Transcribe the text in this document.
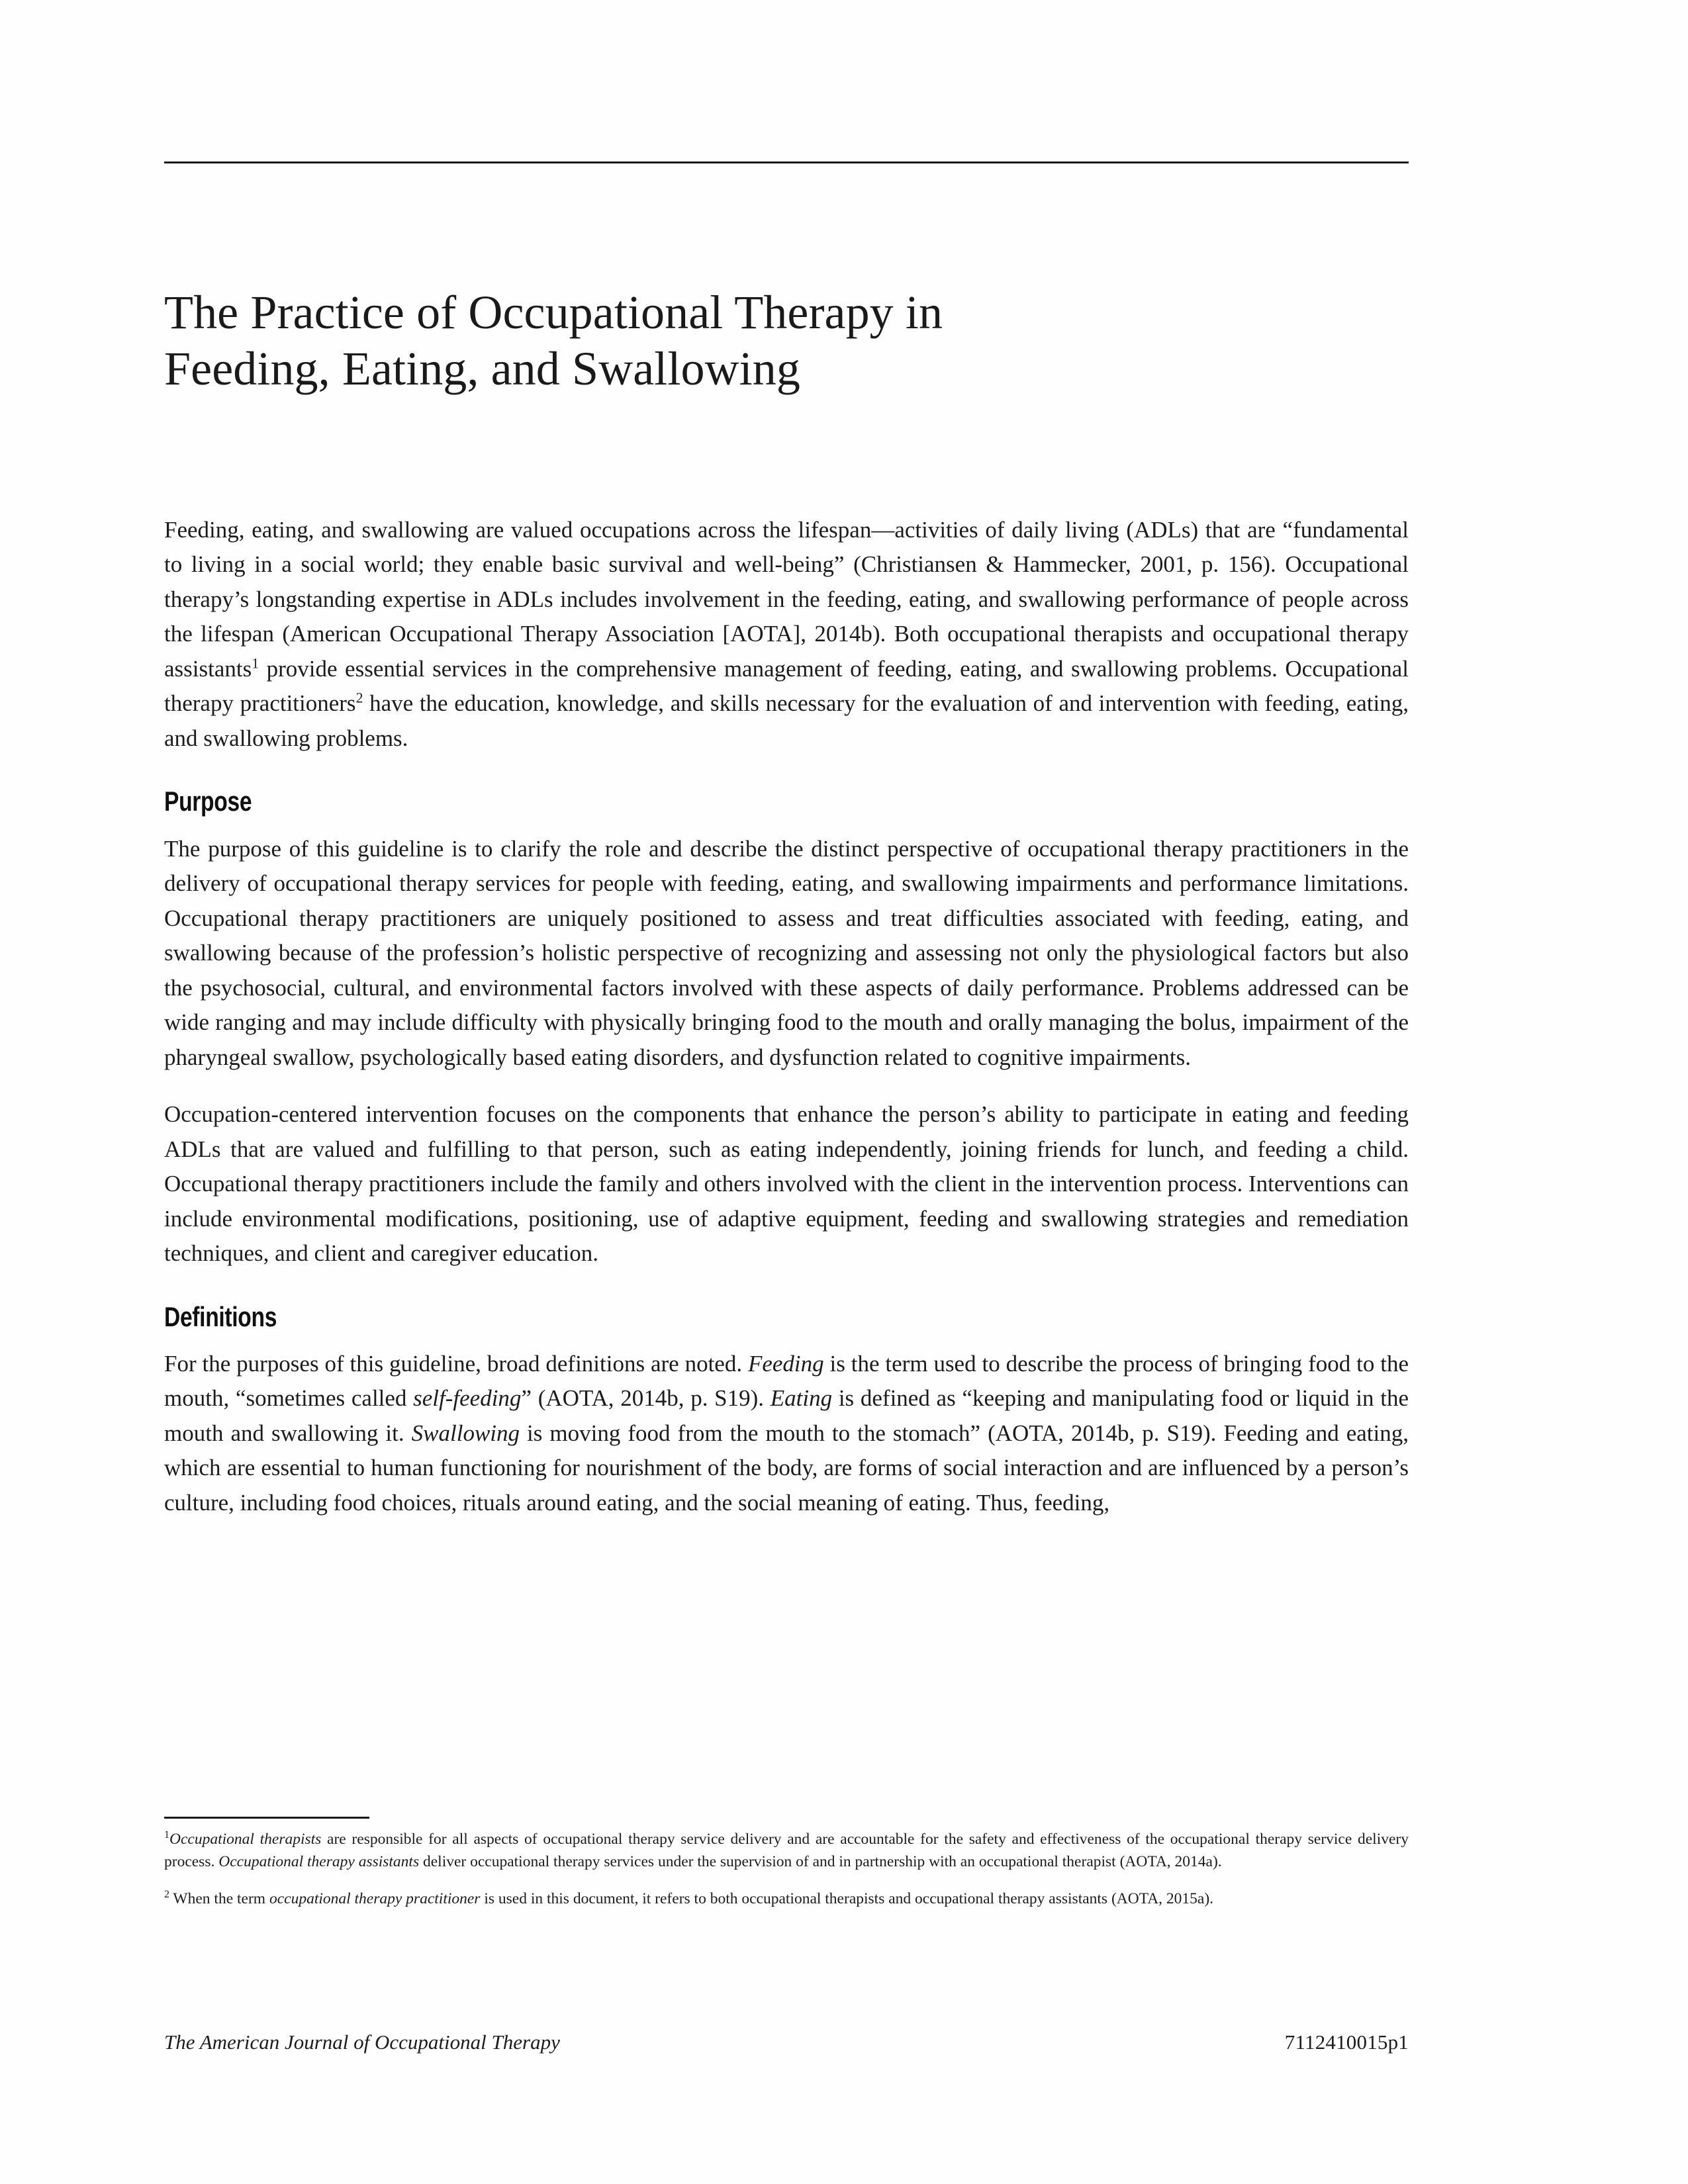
The Practice of Occupational Therapy in
Feeding, Eating, and Swallowing

Feeding, eating, and swallowing are valued occupations across the lifespan—activities of daily living (ADLs) that are “fundamental to living in a social world; they enable basic survival and well-being” (Christiansen & Hammecker, 2001, p. 156). Occupational therapy’s longstanding expertise in ADLs includes involvement in the feeding, eating, and swallowing performance of people across the lifespan (American Occupational Therapy Association [AOTA], 2014b). Both occupational therapists and occupational therapy assistants$^1$ provide essential services in the comprehensive management of feeding, eating, and swallowing problems. Occupational therapy practitioners$^2$ have the education, knowledge, and skills necessary for the evaluation of and intervention with feeding, eating, and swallowing problems.

Purpose

The purpose of this guideline is to clarify the role and describe the distinct perspective of occupational therapy practitioners in the delivery of occupational therapy services for people with feeding, eating, and swallowing impairments and performance limitations. Occupational therapy practitioners are uniquely positioned to assess and treat difficulties associated with feeding, eating, and swallowing because of the profession’s holistic perspective of recognizing and assessing not only the physiological factors but also the psychosocial, cultural, and environmental factors involved with these aspects of daily performance. Problems addressed can be wide ranging and may include difficulty with physically bringing food to the mouth and orally managing the bolus, impairment of the pharyngeal swallow, psychologically based eating disorders, and dysfunction related to cognitive impairments.

Occupation-centered intervention focuses on the components that enhance the person’s ability to participate in eating and feeding ADLs that are valued and fulfilling to that person, such as eating independently, joining friends for lunch, and feeding a child. Occupational therapy practitioners include the family and others involved with the client in the intervention process. Interventions can include environmental modifications, positioning, use of adaptive equipment, feeding and swallowing strategies and remediation techniques, and client and caregiver education.

Definitions

For the purposes of this guideline, broad definitions are noted. Feeding is the term used to describe the process of bringing food to the mouth, “sometimes called self-feeding” (AOTA, 2014b, p. S19). Eating is defined as “keeping and manipulating food or liquid in the mouth and swallowing it. Swallowing is moving food from the mouth to the stomach” (AOTA, 2014b, p. S19). Feeding and eating, which are essential to human functioning for nourishment of the body, are forms of social interaction and are influenced by a person’s culture, including food choices, rituals around eating, and the social meaning of eating. Thus, feeding,

$^1$Occupational therapists are responsible for all aspects of occupational therapy service delivery and are accountable for the safety and effectiveness of the occupational therapy service delivery process. Occupational therapy assistants deliver occupational therapy services under the supervision of and in partnership with an occupational therapist (AOTA, 2014a).

$^2$ When the term occupational therapy practitioner is used in this document, it refers to both occupational therapists and occupational therapy assistants (AOTA, 2015a).

The American Journal of Occupational Therapy	7112410015p1
